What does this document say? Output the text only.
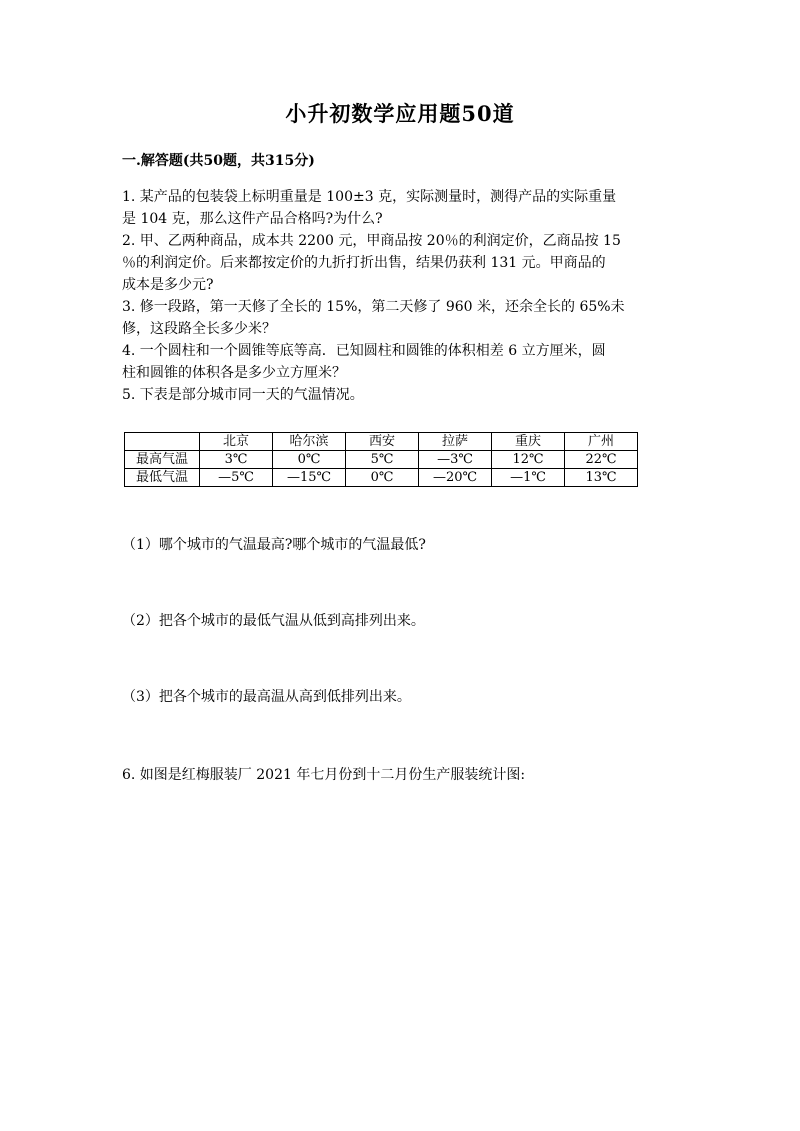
小升初数学应用题50道
一.解答题(共50题，共315分)

1. 某产品的包装袋上标明重量是 100±3 克，实际测量时，测得产品的实际重量

是 104 克，那么这件产品合格吗?为什么?

2. 甲、乙两种商品，成本共 2200 元，甲商品按 20％的利润定价，乙商品按 15

％的利润定价。后来都按定价的九折打折出售，结果仍获利 131 元。甲商品的

成本是多少元?

3. 修一段路，第一天修了全长的 15%，第二天修了 960 米，还余全长的 65%未

修，这段路全长多少米？

4. 一个圆柱和一个圆锥等底等高．已知圆柱和圆锥的体积相差 6 立方厘米，圆

柱和圆锥的体积各是多少立方厘米？

5. 下表是部分城市同一天的气温情况。

	北京	哈尔滨	西安	拉萨	重庆	广州
最高气温	3℃	0℃	5℃	—3℃	12℃	22℃
最低气温	—5℃	—15℃	0℃	—20℃	—1℃	13℃
（1）哪个城市的气温最高?哪个城市的气温最低?
（2）把各个城市的最低气温从低到高排列出来。
（3）把各个城市的最高温从高到低排列出来。
6. 如图是红梅服装厂 2021 年七月份到十二月份生产服装统计图:
